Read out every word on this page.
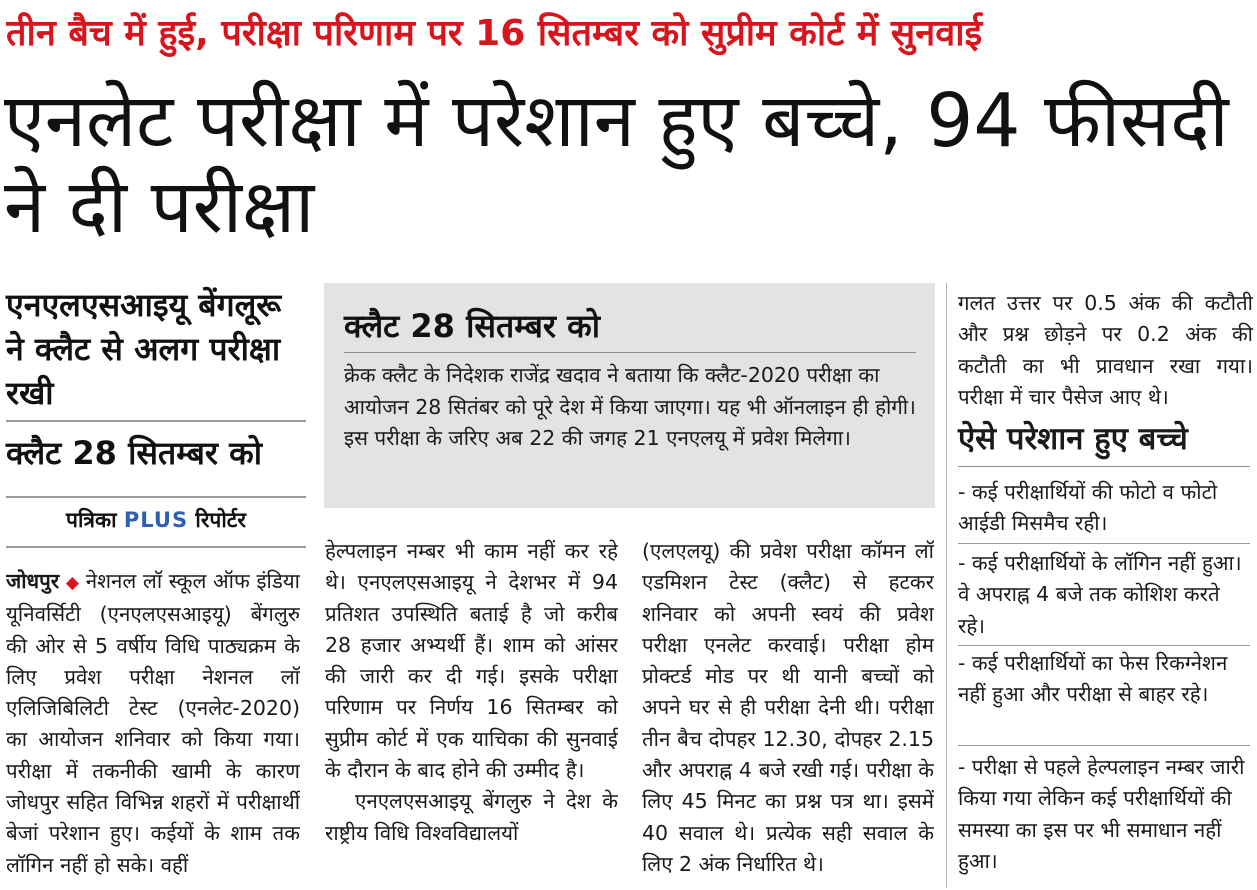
तीन बैच में हुई, परीक्षा परिणाम पर 16 सितम्बर को सुप्रीम कोर्ट में सुनवाई
एनलेट परीक्षा में परेशान हुए बच्चे, 94 फीसदी ने दी परीक्षा
एनएलएसआइयू बेंगलूरू ने क्लैट से अलग परीक्षा रखी
क्लैट 28 सितम्बर को
पत्रिका PLUS रिपोर्टर
जोधपुर ◆ नेशनल लॉ स्कूल ऑफ इंडिया यूनिवर्सिटी (एनएलएसआइयू) बेंगलुरु की ओर से 5 वर्षीय विधि पाठ्यक्रम के लिए प्रवेश परीक्षा नेशनल लॉ एलिजिबिलिटी टेस्ट (एनलेट-2020) का आयोजन शनिवार को किया गया। परीक्षा में तकनीकी खामी के कारण जोधपुर सहित विभिन्न शहरों में परीक्षार्थी बेजां परेशान हुए। कईयों के शाम तक लॉगिन नहीं हो सके। वहीं
क्लैट 28 सितम्बर को
क्रेक क्लैट के निदेशक राजेंद्र खदाव ने बताया कि क्लैट-2020 परीक्षा का आयोजन 28 सितंबर को पूरे देश में किया जाएगा। यह भी ऑनलाइन ही होगी। इस परीक्षा के जरिए अब 22 की जगह 21 एनएलयू में प्रवेश मिलेगा।
हेल्पलाइन नम्बर भी काम नहीं कर रहे थे। एनएलएसआइयू ने देशभर में 94 प्रतिशत उपस्थिति बताई है जो करीब 28 हजार अभ्यर्थी हैं। शाम को आंसर की जारी कर दी गई। इसके परीक्षा परिणाम पर निर्णय 16 सितम्बर को सुप्रीम कोर्ट में एक याचिका की सुनवाई के दौरान के बाद होने की उम्मीद है।
एनएलएसआइयू बेंगलुरु ने देश के राष्ट्रीय विधि विश्वविद्यालयों
(एलएलयू) की प्रवेश परीक्षा कॉमन लॉ एडमिशन टेस्ट (क्लैट) से हटकर शनिवार को अपनी स्वयं की प्रवेश परीक्षा एनलेट करवाई। परीक्षा होम प्रोक्टर्ड मोड पर थी यानी बच्चों को अपने घर से ही परीक्षा देनी थी। परीक्षा तीन बैच दोपहर 12.30, दोपहर 2.15 और अपराह्न 4 बजे रखी गई। परीक्षा के लिए 45 मिनट का प्रश्न पत्र था। इसमें 40 सवाल थे। प्रत्येक सही सवाल के लिए 2 अंक निर्धारित थे।
गलत उत्तर पर 0.5 अंक की कटौती और प्रश्न छोड़ने पर 0.2 अंक की कटौती का भी प्रावधान रखा गया। परीक्षा में चार पैसेज आए थे।
ऐसे परेशान हुए बच्चे
- कई परीक्षार्थियों की फोटो व फोटो आईडी मिसमैच रही।
- कई परीक्षार्थियों के लॉगिन नहीं हुआ। वे अपराह्न 4 बजे तक कोशिश करते रहे।
- कई परीक्षार्थियों का फेस रिकग्नेशन नहीं हुआ और परीक्षा से बाहर रहे।
- परीक्षा से पहले हेल्पलाइन नम्बर जारी किया गया लेकिन कई परीक्षार्थियों की समस्या का इस पर भी समाधान नहीं हुआ।
